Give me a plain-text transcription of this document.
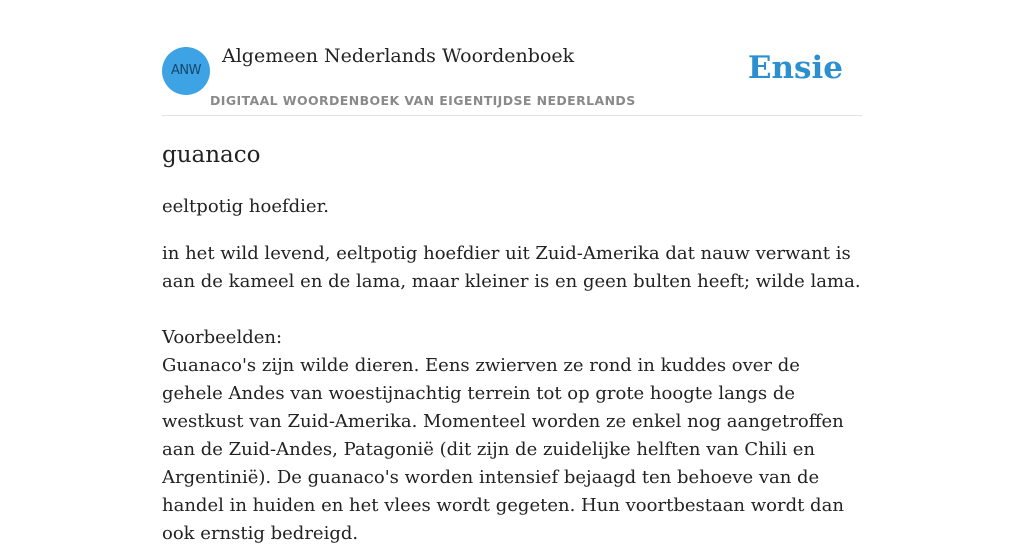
ANW
Algemeen Nederlands Woordenboek
DIGITAAL WOORDENBOEK VAN EIGENTIJDSE NEDERLANDS
Ensie
guanaco

eeltpotig hoefdier.

in het wild levend, eeltpotig hoefdier uit Zuid-Amerika dat nauw verwant is aan de kameel en de lama, maar kleiner is en geen bulten heeft; wilde lama.

Voorbeelden:

Guanaco's zijn wilde dieren. Eens zwierven ze rond in kuddes over de gehele Andes van woestijnachtig terrein tot op grote hoogte langs de westkust van Zuid-Amerika. Momenteel worden ze enkel nog aangetroffen aan de Zuid-Andes, Patagonië (dit zijn de zuidelijke helften van Chili en Argentinië). De guanaco's worden intensief bejaagd ten behoeve van de handel in huiden en het vlees wordt gegeten. Hun voortbestaan wordt dan ook ernstig bedreigd.
